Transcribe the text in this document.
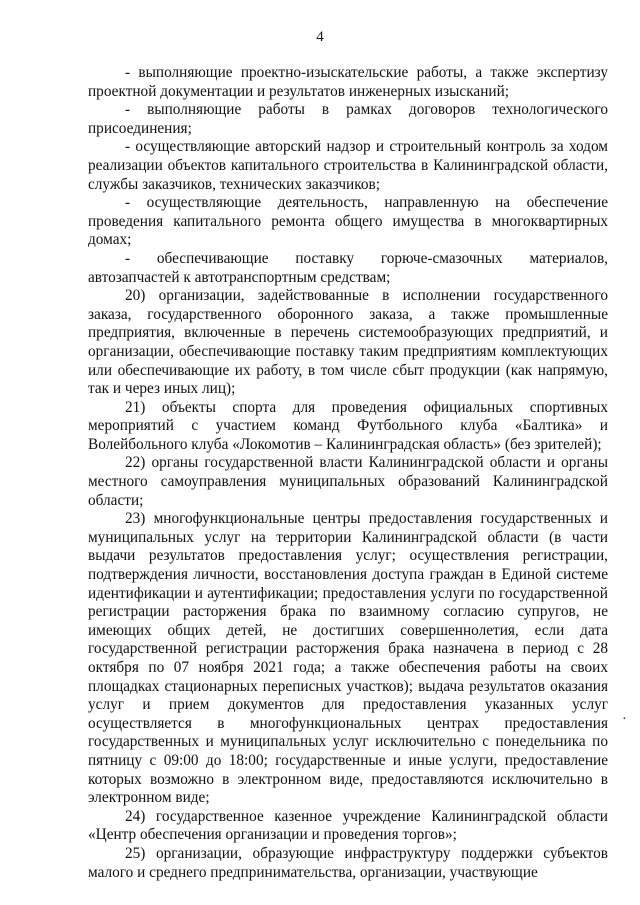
4

- выполняющие проектно-изыскательские работы, а также экспертизу проектной документации и результатов инженерных изысканий;

- выполняющие работы в рамках договоров технологического присоединения;

- осуществляющие авторский надзор и строительный контроль за ходом реализации объектов капитального строительства в Калининградской области, службы заказчиков, технических заказчиков;

- осуществляющие деятельность, направленную на обеспечение проведения капитального ремонта общего имущества в многоквартирных домах;

- обеспечивающие поставку горюче-смазочных материалов, автозапчастей к автотранспортным средствам;

20) организации, задействованные в исполнении государственного заказа, государственного оборонного заказа, а также промышленные предприятия, включенные в перечень системообразующих предприятий, и организации, обеспечивающие поставку таким предприятиям комплектующих или обеспечивающие их работу, в том числе сбыт продукции (как напрямую, так и через иных лиц);

21) объекты спорта для проведения официальных спортивных мероприятий с участием команд Футбольного клуба «Балтика» и Волейбольного клуба «Локомотив – Калининградская область» (без зрителей);

22) органы государственной власти Калининградской области и органы местного самоуправления муниципальных образований Калининградской области;

23) многофункциональные центры предоставления государственных и муниципальных услуг на территории Калининградской области (в части выдачи результатов предоставления услуг; осуществления регистрации, подтверждения личности, восстановления доступа граждан в Единой системе идентификации и аутентификации; предоставления услуги по государственной регистрации расторжения брака по взаимному согласию супругов, не имеющих общих детей, не достигших совершеннолетия, если дата государственной регистрации расторжения брака назначена в период с 28 октября по 07 ноября 2021 года; а также обеспечения работы на своих площадках стационарных переписных участков); выдача результатов оказания услуг и прием документов для предоставления указанных услуг осуществляется в многофункциональных центрах предоставления государственных и муниципальных услуг исключительно с понедельника по пятницу с 09:00 до 18:00; государственные и иные услуги, предоставление которых возможно в электронном виде, предоставляются исключительно в электронном виде;

24) государственное казенное учреждение Калининградской области «Центр обеспечения организации и проведения торгов»;

25) организации, образующие инфраструктуру поддержки субъектов малого и среднего предпринимательства, организации, участвующие

·
